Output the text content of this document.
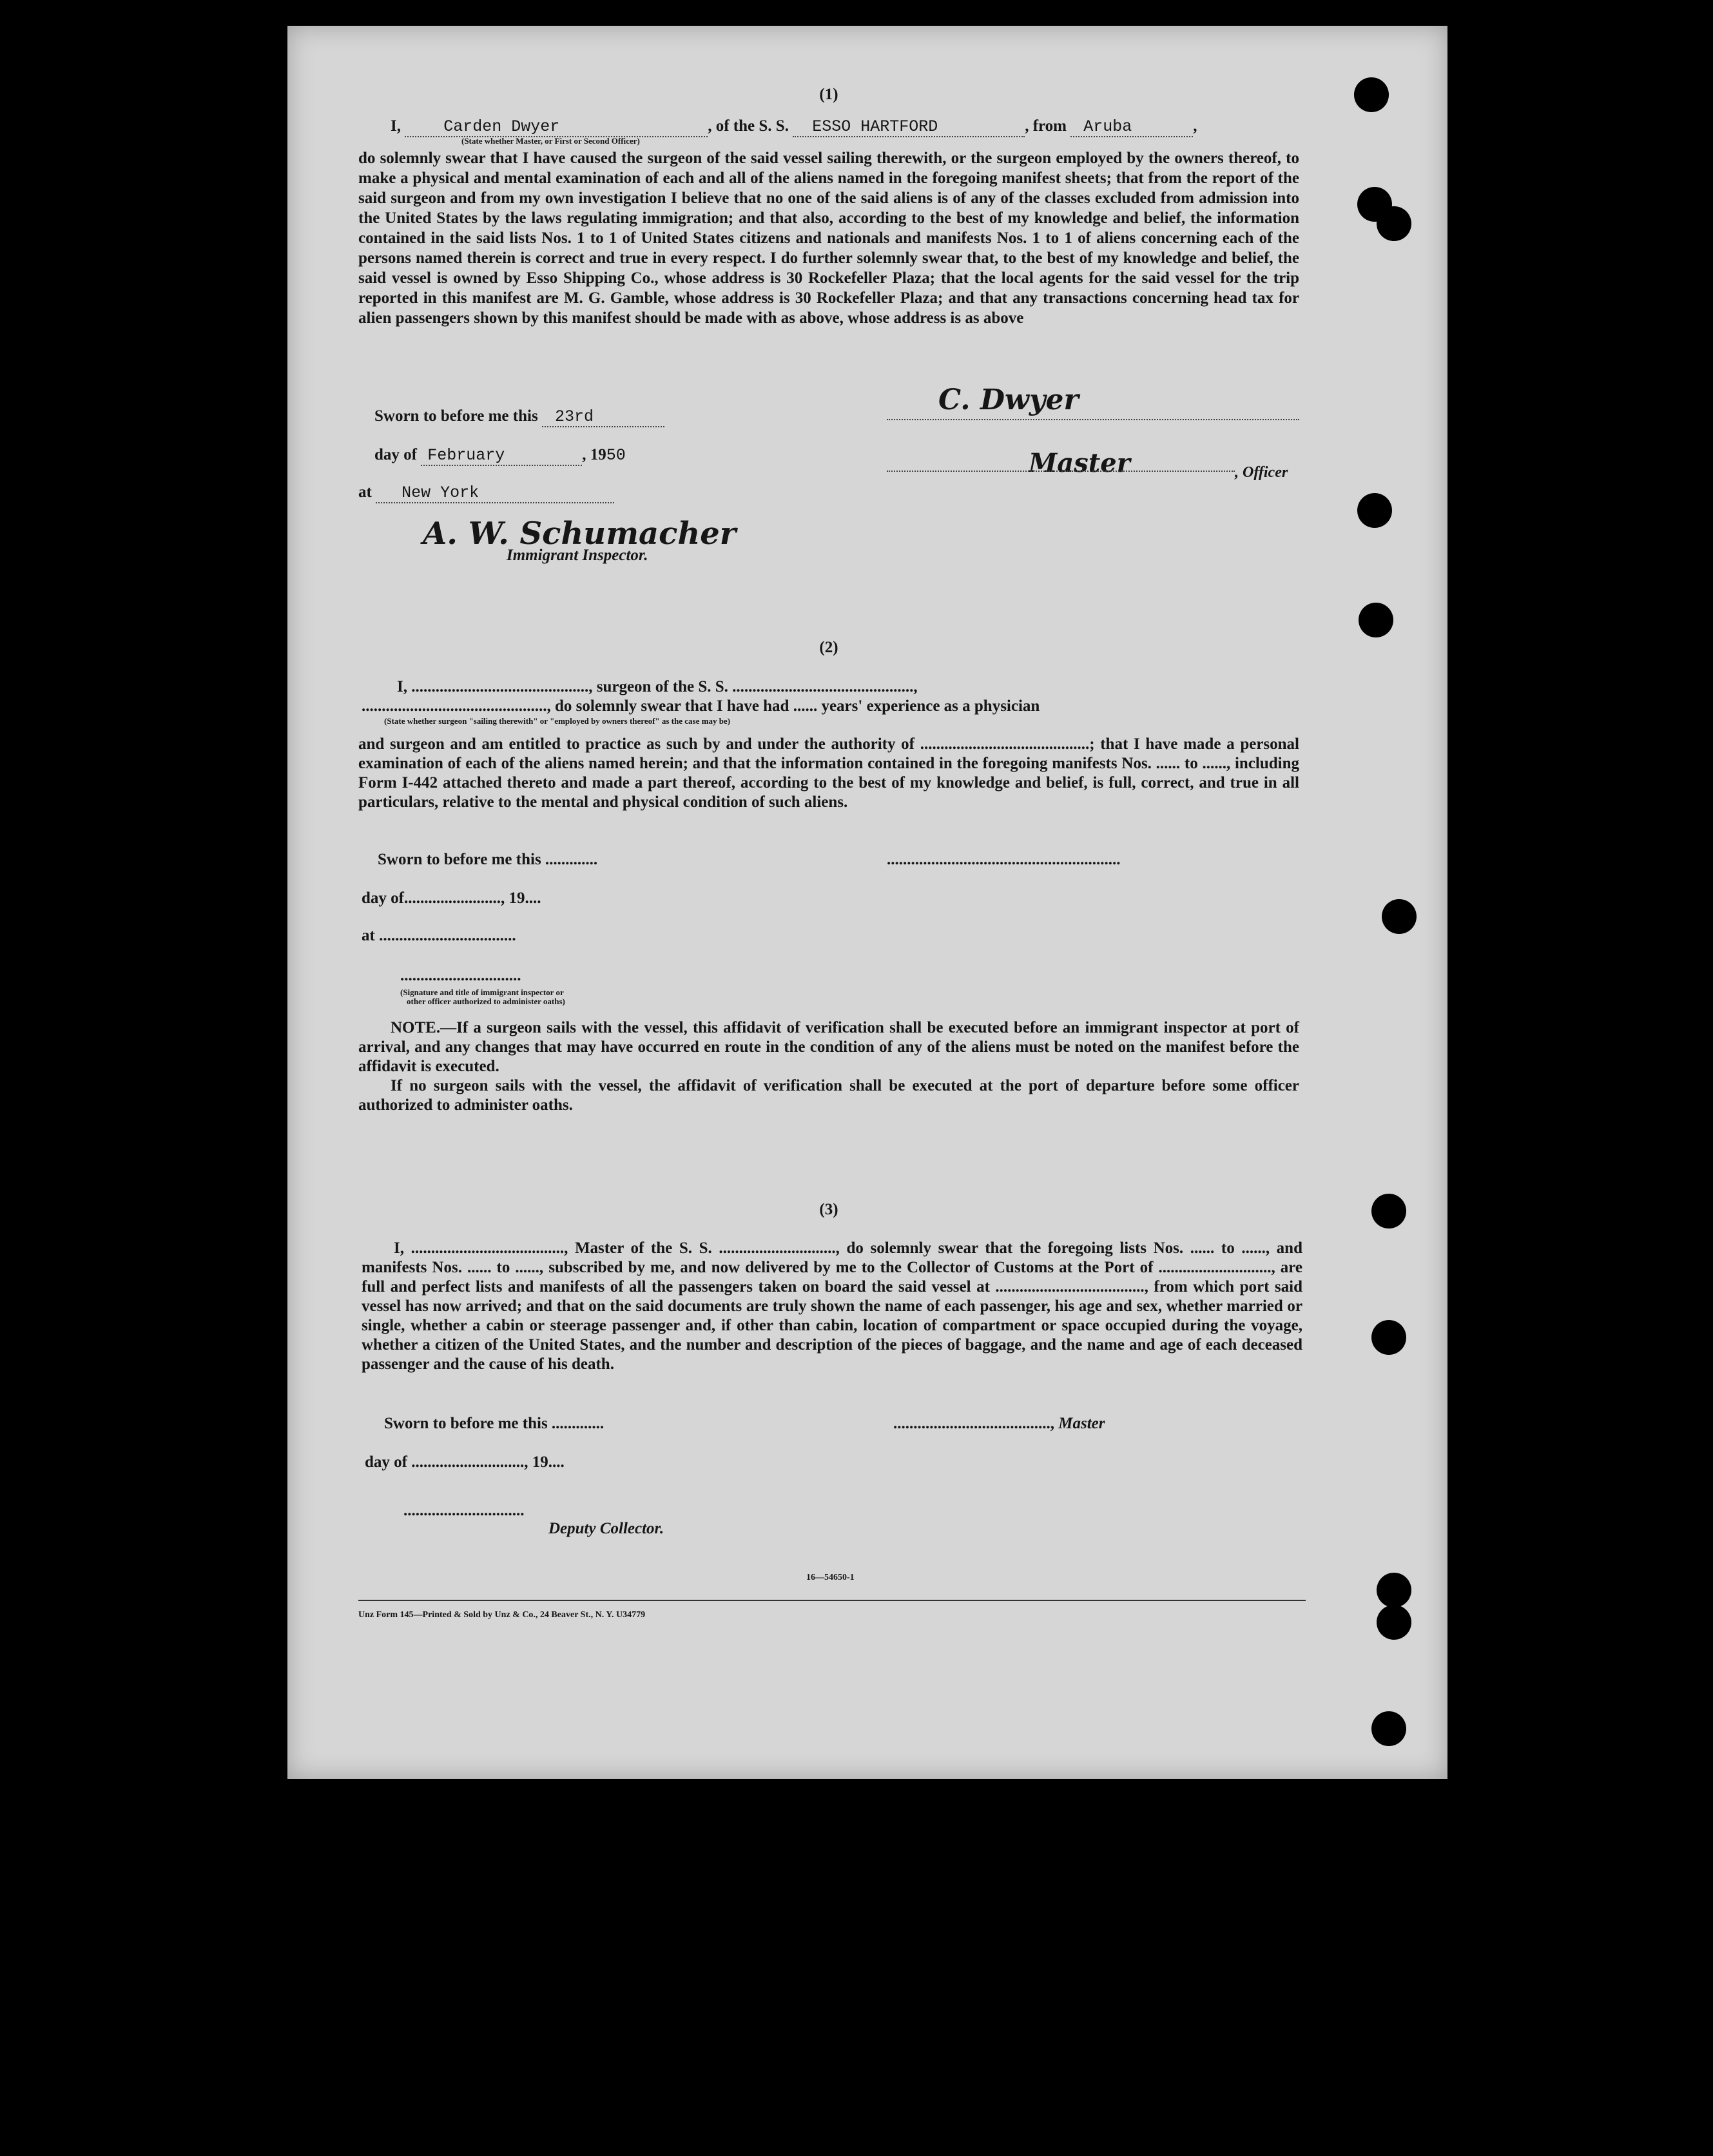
(1)
I,	Carden Dwyer	, of the S. S. ESSO HARTFORD	, from Aruba	,
(State whether Master, or First or Second Officer)

do solemnly swear that I have caused the surgeon of the said vessel sailing therewith, or the surgeon employed by the owners thereof, to make a physical and mental examination of each and all of the aliens named in the foregoing manifest sheets; that from the report of the said surgeon and from my own investigation I believe that no one of the said aliens is of any of the classes excluded from admission into the United States by the laws regulating immigration; and that also, according to the best of my knowledge and belief, the information contained in the said lists Nos. 1 to 1 of United States citizens and nationals and manifests Nos. 1 to 1 of aliens concerning each of the persons named therein is correct and true in every respect. I do further solemnly swear that, to the best of my knowledge and belief, the said vessel is owned by Esso Shipping Co., whose address is 30 Rockefeller Plaza; that the local agents for the said vessel for the trip reported in this manifest are M. G. Gamble, whose address is 30 Rockefeller Plaza; and that any transactions concerning head tax for alien passengers shown by this manifest should be made with as above, whose address is as above

Sworn to before me this 23rd
day of February	, 1950
at New York
C. Dwyer
Master	, Officer
A. W. Schumacher
Immigrant Inspector.
(2)
I, ............................................, surgeon of the S. S. .............................................,
.............................................., do solemnly swear that I have had ...... years' experience as a physician
(State whether surgeon "sailing therewith" or "employed by owners thereof" as the case may be)

and surgeon and am entitled to practice as such by and under the authority of ..........................................; that I have made a personal examination of each of the aliens named herein; and that the information contained in the foregoing manifests Nos. ...... to ......, including Form I-442 attached thereto and made a part thereof, according to the best of my knowledge and belief, is full, correct, and true in all particulars, relative to the mental and physical condition of such aliens.

Sworn to before me this .............	..........................................................
day of........................, 19....
at ..................................
..............................
(Signature and title of immigrant inspector or
other officer authorized to administer oaths)

NOTE.—If a surgeon sails with the vessel, this affidavit of verification shall be executed before an immigrant inspector at port of arrival, and any changes that may have occurred en route in the condition of any of the aliens must be noted on the manifest before the affidavit is executed.

If no surgeon sails with the vessel, the affidavit of verification shall be executed at the port of departure before some officer authorized to administer oaths.

(3)

I, ......................................, Master of the S. S. ............................., do solemnly swear that the foregoing lists Nos. ...... to ......, and manifests Nos. ...... to ......, subscribed by me, and now delivered by me to the Collector of Customs at the Port of ............................, are full and perfect lists and manifests of all the passengers taken on board the said vessel at ....................................., from which port said vessel has now arrived; and that on the said documents are truly shown the name of each passenger, his age and sex, whether married or single, whether a cabin or steerage passenger and, if other than cabin, location of compartment or space occupied during the voyage, whether a citizen of the United States, and the number and description of the pieces of baggage, and the name and age of each deceased passenger and the cause of his death.

Sworn to before me this .............	......................................., Master
day of ............................, 19....
..............................
Deputy Collector.
16—54650-1
Unz Form 145—Printed & Sold by Unz & Co., 24 Beaver St., N. Y. U34779
